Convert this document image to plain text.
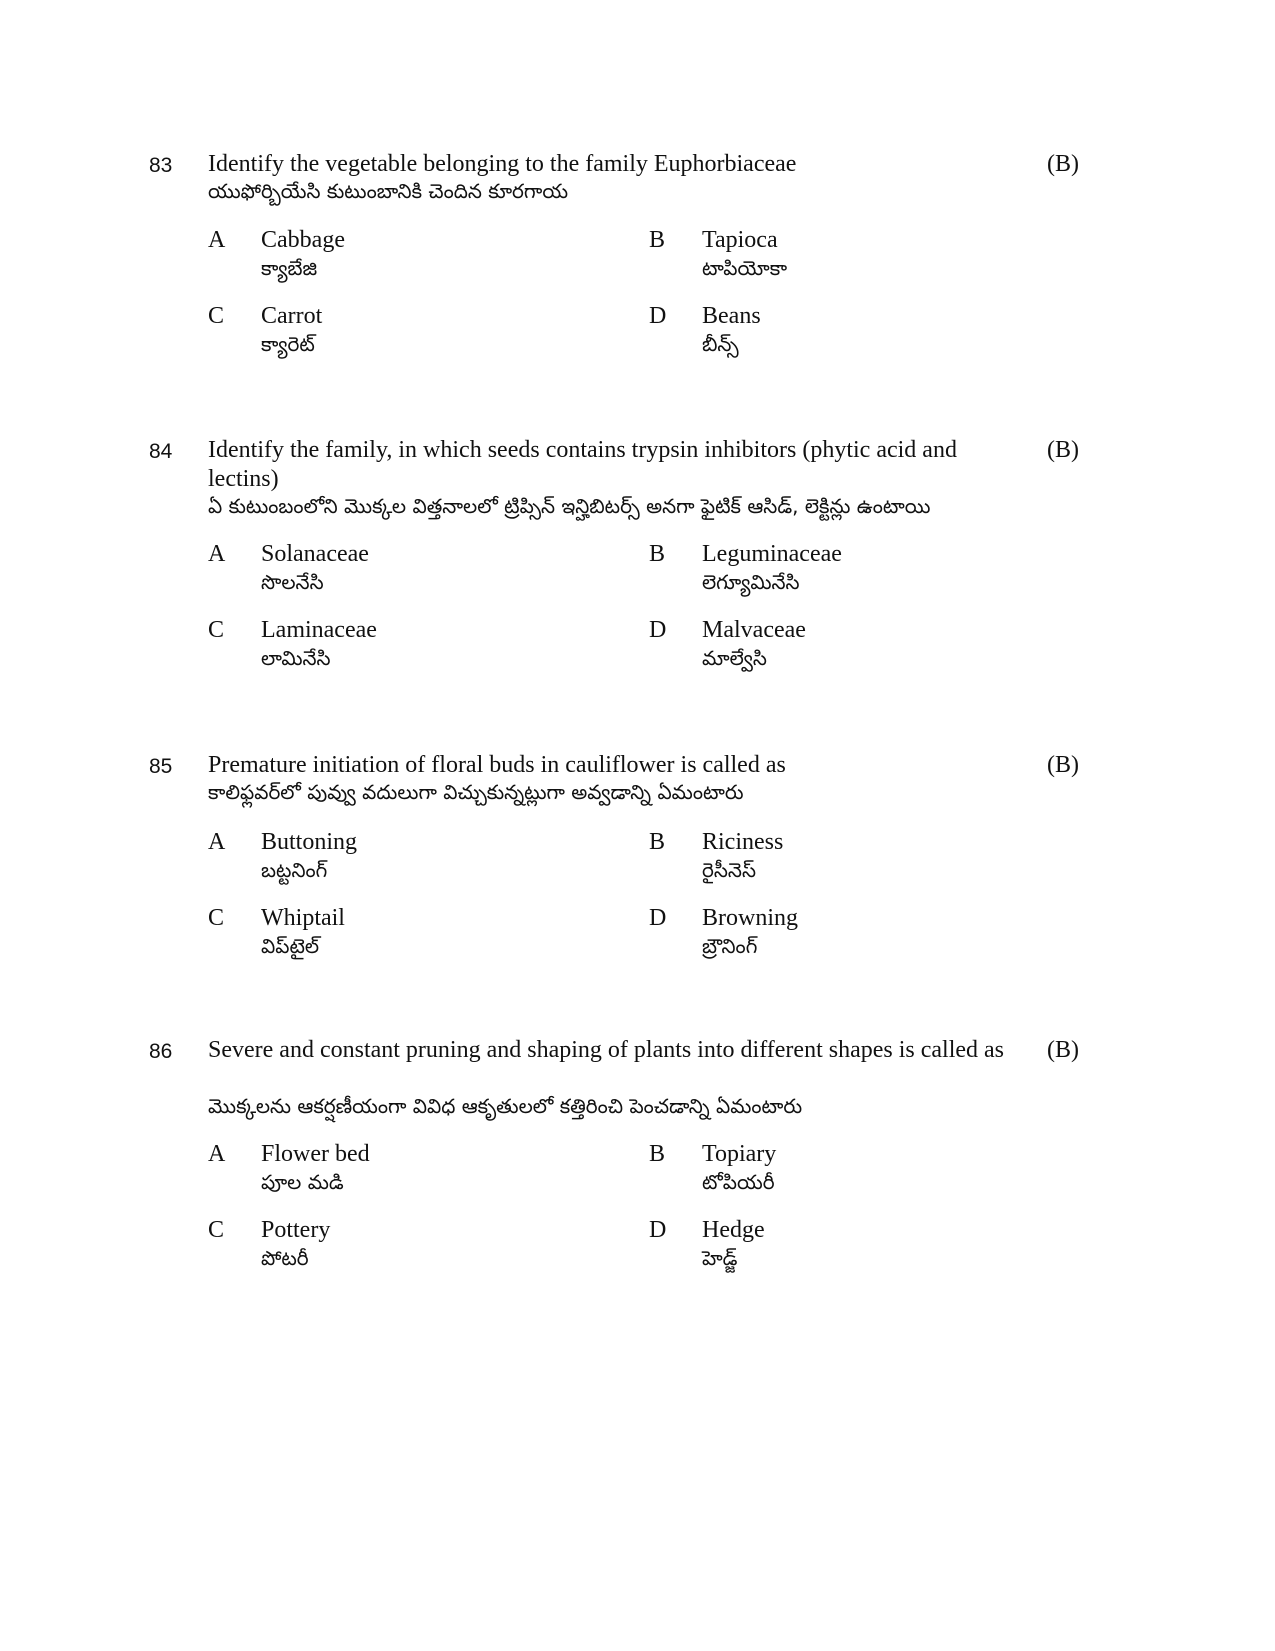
83 Identify the vegetable belonging to the family Euphorbiaceae	(B)
యుఫోర్బియేసి కుటుంబానికి చెందిన కూరగాయ
A Cabbage
క్యాబేజి
B Tapioca
టాపియోకా
C Carrot
క్యారెట్
D Beans
బీన్స్
84 Identify the family, in which seeds contains trypsin inhibitors (phytic acid and lectins)
(B)
ఏ కుటుంబంలోని మొక్కల విత్తనాలలో ట్రిప్సిన్ ఇన్హిబిటర్స్ అనగా ఫైటిక్ ఆసిడ్, లెక్టిన్లు ఉంటాయి
A Solanaceae
సొలనేసి
B Leguminaceae
లెగ్యూమినేసి
C Laminaceae
లామినేసి
D Malvaceae
మాల్వేసి
85 Premature initiation of floral buds in cauliflower is called as	(B)
కాలిఫ్లవర్‌లో పువ్వు వదులుగా విచ్చుకున్నట్లుగా అవ్వడాన్ని ఏమంటారు
A Buttoning
బట్టనింగ్
B Riciness
రైసీనెస్
C Whiptail
విప్‌టైల్
D Browning
బ్రౌనింగ్
86 Severe and constant pruning and shaping of plants into different shapes is called as	(B)
మొక్కలను ఆకర్షణీయంగా వివిధ ఆకృతులలో కత్తిరించి పెంచడాన్ని ఏమంటారు
A Flower bed
పూల మడి
B Topiary
టోపియరీ
C Pottery
పోటరీ
D Hedge
హెడ్జ్
